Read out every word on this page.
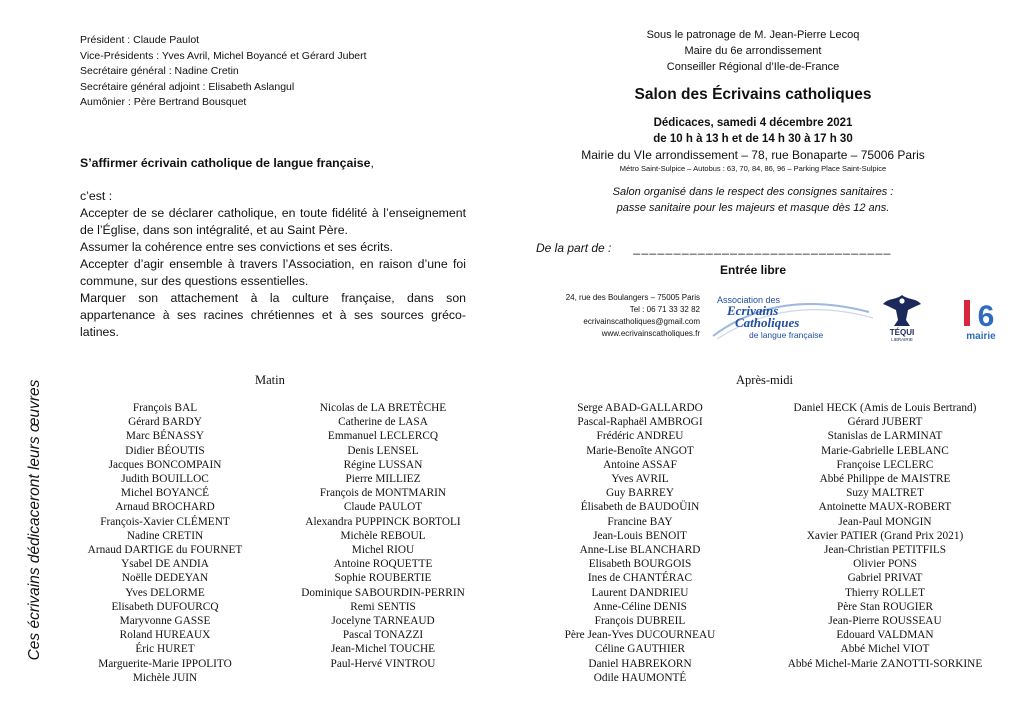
Président : Claude Paulot
Vice-Présidents : Yves Avril, Michel Boyancé et Gérard Jubert
Secrétaire général : Nadine Cretin
Secrétaire général adjoint : Elisabeth Aslangul
Aumônier : Père Bertrand Bousquet
S’affirmer écrivain catholique de langue française,
c’est :
Accepter de se déclarer catholique, en toute fidélité à l’enseignement de l’Église, dans son intégralité, et au Saint Père.
Assumer la cohérence entre ses convictions et ses écrits.
Accepter d’agir ensemble à travers l’Association, en raison d’une foi commune, sur des questions essentielles.
Marquer son attachement à la culture française, dans son appartenance à ses racines chrétiennes et à ses sources gréco-latines.
Sous le patronage de M. Jean-Pierre Lecoq
Maire du 6e arrondissement
Conseiller Régional d’Ile-de-France
Salon des Écrivains catholiques
Dédicaces, samedi 4 décembre 2021
de 10 h à 13 h et de 14 h 30 à 17 h 30
Mairie du VIe arrondissement – 78, rue Bonaparte – 75006 Paris
Métro Saint-Sulpice – Autobus : 63, 70, 84, 86, 96 – Parking Place Saint-Sulpice
Salon organisé dans le respect des consignes sanitaires :
passe sanitaire pour les majeurs et masque dès 12 ans.
De la part de : ________________________________
Entrée libre
24, rue des Boulangers – 75005 Paris
Tel : 06 71 33 32 82
ecrivainscatholiques@gmail.com
www.ecrivainscatholiques.fr
Association des
Ecrivains
Catholiques
de langue française	TÉQUI
LIBRAIRIE
6
mairie
Ces écrivains dédicaceront leurs œuvres	Matin	Après-midi
François BAL
Gérard BARDY
Marc BÉNASSY
Didier BÉOUTIS
Jacques BONCOMPAIN
Judith BOUILLOC
Michel BOYANCÉ
Arnaud BROCHARD
François-Xavier CLÉMENT
Nadine CRETIN
Arnaud DARTIGE du FOURNET
Ysabel DE ANDIA
Noëlle DEDEYAN
Yves DELORME
Elisabeth DUFOURCQ
Maryvonne GASSE
Roland HUREAUX
Éric HURET
Marguerite-Marie IPPOLITO
Michèle JUIN
Nicolas de LA BRETÈCHE
Catherine de LASA
Emmanuel LECLERCQ
Denis LENSEL
Régine LUSSAN
Pierre MILLIEZ
François de MONTMARIN
Claude PAULOT
Alexandra PUPPINCK BORTOLI
Michèle REBOUL
Michel RIOU
Antoine ROQUETTE
Sophie ROUBERTIE
Dominique SABOURDIN-PERRIN
Remi SENTIS
Jocelyne TARNEAUD
Pascal TONAZZI
Jean-Michel TOUCHE
Paul-Hervé VINTROU
Serge ABAD-GALLARDO
Pascal-Raphaël AMBROGI
Frédéric ANDREU
Marie-Benoîte ANGOT
Antoine ASSAF
Yves AVRIL
Guy BARREY
Élisabeth de BAUDOÜIN
Francine BAY
Jean-Louis BENOIT
Anne-Lise BLANCHARD
Elisabeth BOURGOIS
Ines de CHANTÉRAC
Laurent DANDRIEU
Anne-Céline DENIS
François DUBREIL
Père Jean-Yves DUCOURNEAU
Céline GAUTHIER
Daniel HABREKORN
Odile HAUMONTÉ
Daniel HECK (Amis de Louis Bertrand)
Gérard JUBERT
Stanislas de LARMINAT
Marie-Gabrielle LEBLANC
Françoise LECLERC
Abbé Philippe de MAISTRE
Suzy MALTRET
Antoinette MAUX-ROBERT
Jean-Paul MONGIN
Xavier PATIER (Grand Prix 2021)
Jean-Christian PETITFILS
Olivier PONS
Gabriel PRIVAT
Thierry ROLLET
Père Stan ROUGIER
Jean-Pierre ROUSSEAU
Edouard VALDMAN
Abbé Michel VIOT
Abbé Michel-Marie ZANOTTI-SORKINE
